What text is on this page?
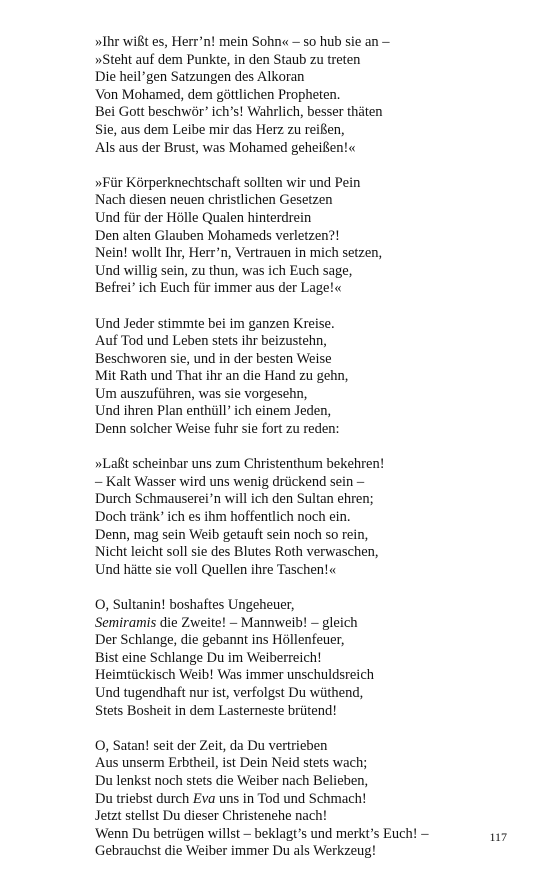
»Ihr wißt es, Herr’n! mein Sohn« – so hub sie an –
»Steht auf dem Punkte, in den Staub zu treten
Die heil’gen Satzungen des Alkoran
Von Mohamed, dem göttlichen Propheten.
Bei Gott beschwör’ ich’s! Wahrlich, besser thäten
Sie, aus dem Leibe mir das Herz zu reißen,
Als aus der Brust, was Mohamed geheißen!«
»Für Körperknechtschaft sollten wir und Pein
Nach diesen neuen christlichen Gesetzen
Und für der Hölle Qualen hinterdrein
Den alten Glauben Mohameds verletzen?!
Nein! wollt Ihr, Herr’n, Vertrauen in mich setzen,
Und willig sein, zu thun, was ich Euch sage,
Befrei’ ich Euch für immer aus der Lage!«
Und Jeder stimmte bei im ganzen Kreise.
Auf Tod und Leben stets ihr beizustehn,
Beschworen sie, und in der besten Weise
Mit Rath und That ihr an die Hand zu gehn,
Um auszuführen, was sie vorgesehn,
Und ihren Plan enthüll’ ich einem Jeden,
Denn solcher Weise fuhr sie fort zu reden:
»Laßt scheinbar uns zum Christenthum bekehren!
– Kalt Wasser wird uns wenig drückend sein –
Durch Schmauserei’n will ich den Sultan ehren;
Doch tränk’ ich es ihm hoffentlich noch ein.
Denn, mag sein Weib getauft sein noch so rein,
Nicht leicht soll sie des Blutes Roth verwaschen,
Und hätte sie voll Quellen ihre Taschen!«
O, Sultanin! boshaftes Ungeheuer,
Semiramis die Zweite! – Mannweib! – gleich
Der Schlange, die gebannt ins Höllenfeuer,
Bist eine Schlange Du im Weiberreich!
Heimtückisch Weib! Was immer unschuldsreich
Und tugendhaft nur ist, verfolgst Du wüthend,
Stets Bosheit in dem Lasterneste brütend!
O, Satan! seit der Zeit, da Du vertrieben
Aus unserm Erbtheil, ist Dein Neid stets wach;
Du lenkst noch stets die Weiber nach Belieben,
Du triebst durch Eva uns in Tod und Schmach!
Jetzt stellst Du dieser Christenehe nach!
Wenn Du betrügen willst – beklagt’s und merkt’s Euch! –
Gebrauchst die Weiber immer Du als Werkzeug!
117
